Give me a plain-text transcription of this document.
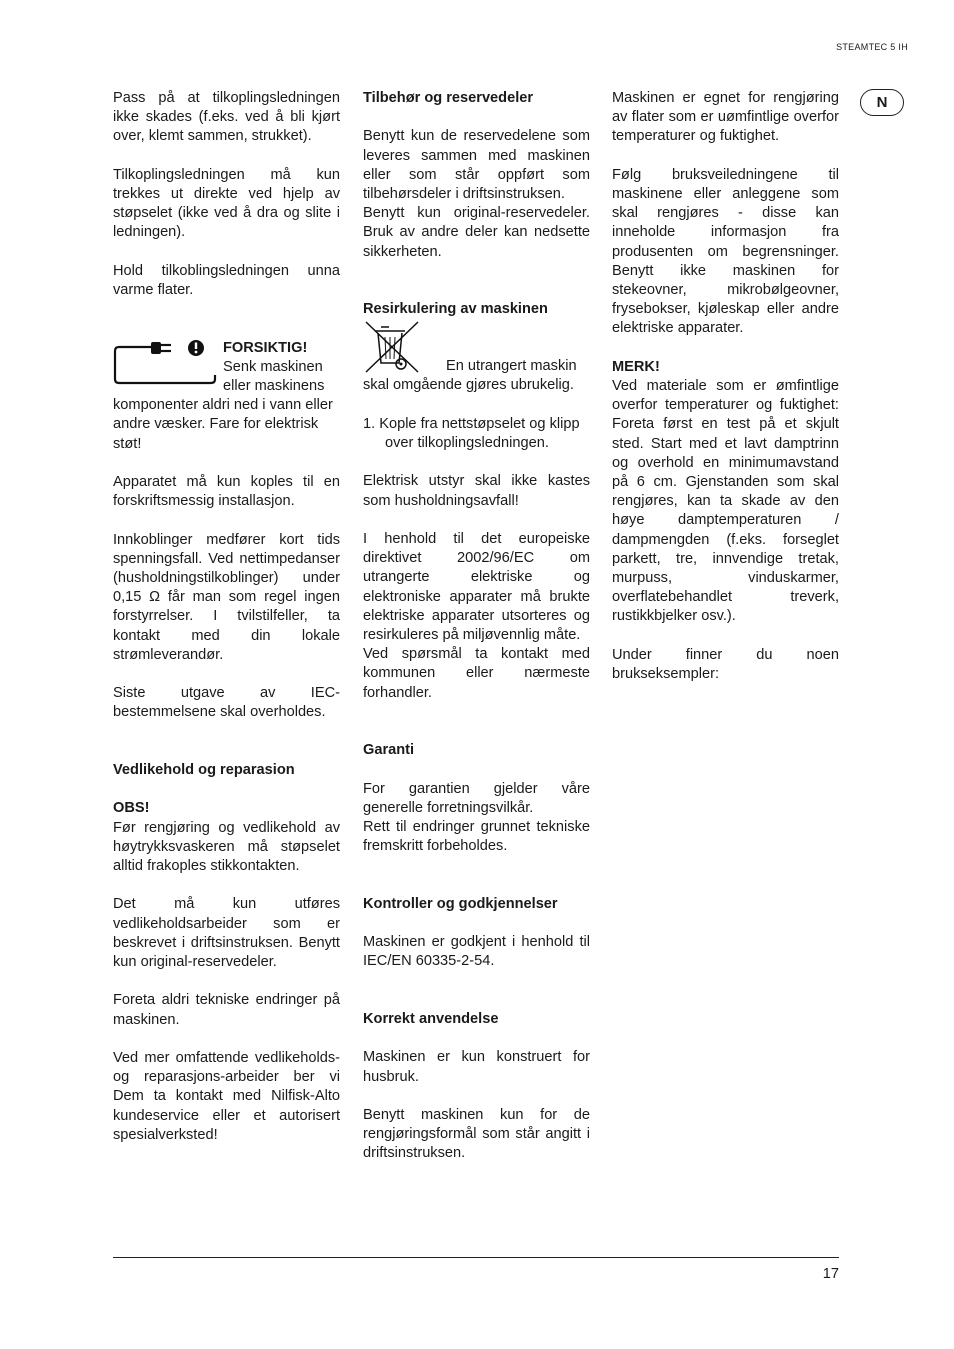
STEAMTEC 5 IH
N

Pass på at tilkoplingsledningen ikke skades (f.eks. ved å bli kjørt over, klemt sammen, strukket).

Tilkoplingsledningen må kun trekkes ut direkte ved hjelp av støpselet (ikke ved å dra og slite i ledningen).

Hold tilkoblingsledningen unna varme flater.

FORSIKTIG!
Senk maskinen eller maskinens komponenter aldri ned i vann eller andre væsker. Fare for elektrisk støt!

Apparatet må kun koples til en forskriftsmessig installasjon.

Innkoblinger medfører kort tids spenningsfall. Ved nettimpedanser (husholdningstilkoblinger) under 0,15 Ω får man som regel ingen forstyrrelser. I tvilstilfeller, ta kontakt med din lokale strømleverandør.

Siste utgave av IEC-bestemmelsene skal overholdes.

Vedlikehold og reparasion
OBS!

Før rengjøring og vedlikehold av høytrykksvaskeren må støpselet alltid frakoples stikkontakten.

Det må kun utføres vedlikeholdsarbeider som er beskrevet i driftsinstruksen. Benytt kun original-reservedeler.

Foreta aldri tekniske endringer på maskinen.

Ved mer omfattende vedlikeholds- og reparasjons-arbeider ber vi Dem ta kontakt med Nilfisk-Alto kundeservice eller et autorisert spesialverksted!

Tilbehør og reservedeler

Benytt kun de reservedelene som leveres sammen med maskinen eller som står oppført som tilbehørsdeler i driftsinstruksen.

Benytt kun original-reservedeler. Bruk av andre deler kan nedsette sikkerheten.

Resirkulering av maskinen
En utrangert maskin

skal omgående gjøres ubrukelig.

1. Kople fra nettstøpselet og klipp over tilkoplingsledningen.

Elektrisk utstyr skal ikke kastes som husholdningsavfall!

I henhold til det europeiske direktivet 2002/96/EC om utrangerte elektriske og elektroniske apparater må brukte elektriske apparater utsorteres og resirkuleres på miljøvennlig måte.

Ved spørsmål ta kontakt med kommunen eller nærmeste forhandler.

Garanti

For garantien gjelder våre generelle forretningsvilkår.

Rett til endringer grunnet tekniske fremskritt forbeholdes.

Kontroller og godkjennelser

Maskinen er godkjent i henhold til IEC/EN 60335-2-54.

Korrekt anvendelse

Maskinen er kun konstruert for husbruk.

Benytt maskinen kun for de rengjøringsformål som står angitt i driftsinstruksen.

Maskinen er egnet for rengjøring av flater som er uømfintlige overfor temperaturer og fuktighet.

Følg bruksveiledningene til maskinene eller anleggene som skal rengjøres - disse kan inneholde informasjon fra produsenten om begrensninger. Benytt ikke maskinen for stekeovner, mikrobølgeovner, frysebokser, kjøleskap eller andre elektriske apparater.

MERK!

Ved materiale som er ømfintlige overfor temperaturer og fuktighet: Foreta først en test på et skjult sted. Start med et lavt damptrinn og overhold en minimumavstand på 6 cm. Gjenstanden som skal rengjøres, kan ta skade av den høye damptemperaturen / dampmengden (f.eks. forseglet parkett, tre, innvendige tretak, murpuss, vinduskarmer, overflatebehandlet treverk, rustikkbjelker osv.).

Under finner du noen brukseksempler:

17
